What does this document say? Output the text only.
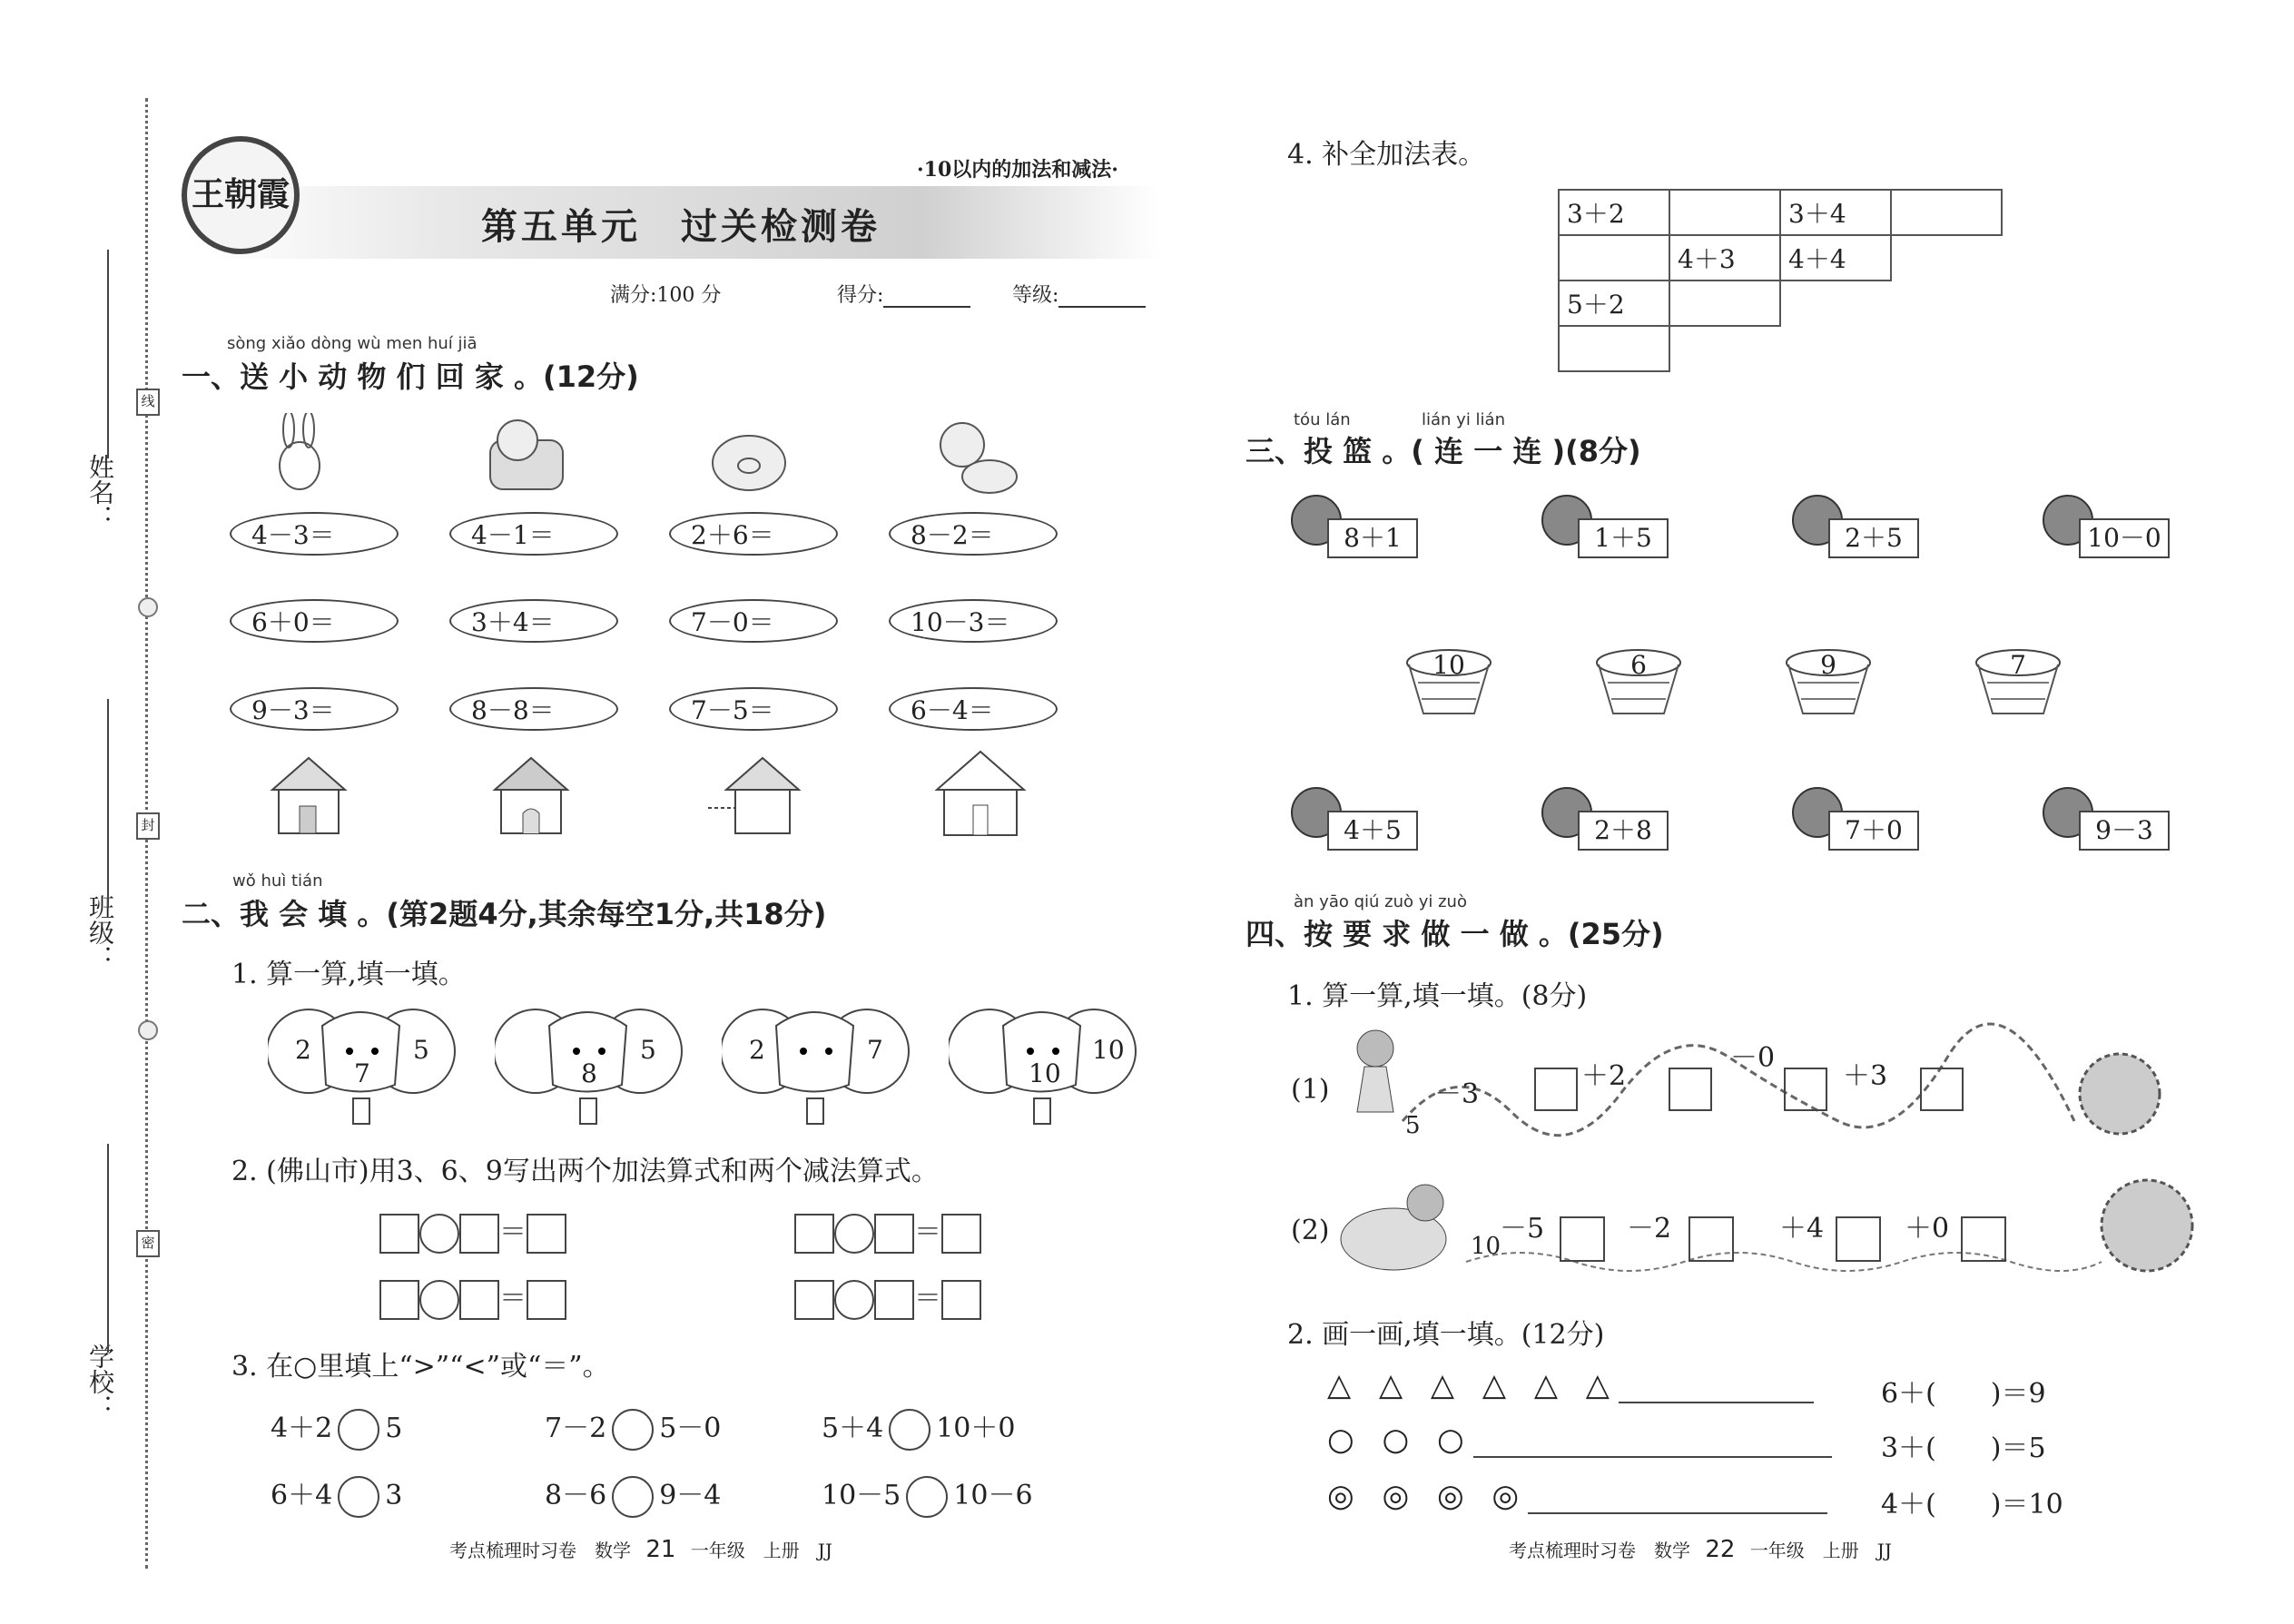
姓名：
班级：
学校：
线
封
密
王朝霞
·10以内的加法和减法·
第五单元　过关检测卷
满分:100 分	得分:	等级:
sòng xiǎo dòng wù men huí jiā
一、送 小 动 物 们 回 家 。(12分)
4－3＝	4－1＝	2＋6＝	8－2＝
6＋0＝	3＋4＝	7－0＝	10－3＝
9－3＝	8－8＝	7－5＝	6－4＝
wǒ huì tián
二、我 会 填 。(第2题4分,其余每空1分,共18分)
1. 算一算,填一填。
2
7
5
8
5	2	7
10
10
2. (佛山市)用3、6、9写出两个加法算式和两个减法算式。
＝	＝
＝	＝
3. 在○里填上“>”“<”或“＝”。
4＋2 5	7－2 5－0	5＋4 10＋0
6＋4 3	8－6 9－4	10－5 10－6
4. 补全加法表。
3＋2		3＋4	
	4＋3	4＋4	
5＋2			

tóu lán	lián yi lián
三、投 篮 。( 连 一 连 )(8分)
8＋1	1＋5	2＋5	10－0
10	6	9	7
4＋5	2＋8	7＋0	9－3
àn yāo qiú zuò yi zuò
四、按 要 求 做 一 做 。(25分)
1. 算一算,填一填。(8分)
(1)
5
－3
＋2
－0
＋3
(2)	10
－5	－2	＋4	＋0
2. 画一画,填一填。(12分)
△ △ △ △ △ △
○ ○ ○
◎ ◎ ◎ ◎
6＋(　　)＝9
3＋(　　)＝5
4＋(　　)＝10
考点梳理时习卷　数学 21 一年级　上册　JJ	考点梳理时习卷　数学 22 一年级　上册　JJ
